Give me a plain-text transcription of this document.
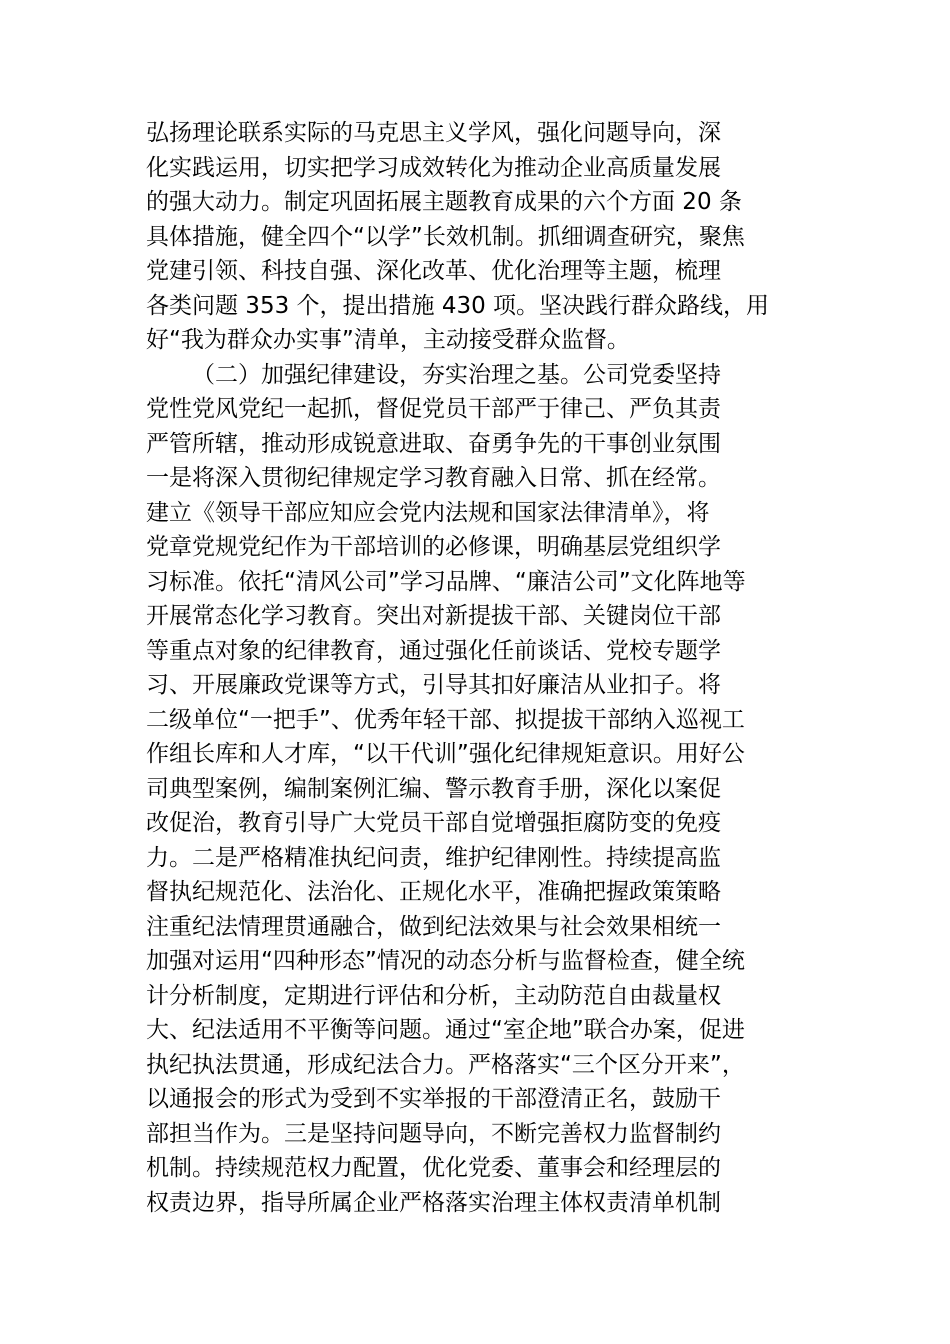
弘扬理论联系实际的马克思主义学风，强化问题导向，深
化实践运用，切实把学习成效转化为推动企业高质量发展
的强大动力。制定巩固拓展主题教育成果的六个方面 20 条
具体措施，健全四个“以学”长效机制。抓细调查研究，聚焦
党建引领、科技自强、深化改革、优化治理等主题，梳理
各类问题 353 个，提出措施 430 项。坚决践行群众路线，用
好“我为群众办实事”清单，主动接受群众监督。
（二）加强纪律建设，夯实治理之基。公司党委坚持
党性党风党纪一起抓，督促党员干部严于律己、严负其责
严管所辖，推动形成锐意进取、奋勇争先的干事创业氛围
一是将深入贯彻纪律规定学习教育融入日常、抓在经常。
建立《领导干部应知应会党内法规和国家法律清单》，将
党章党规党纪作为干部培训的必修课，明确基层党组织学
习标准。依托“清风公司”学习品牌、“廉洁公司”文化阵地等
开展常态化学习教育。突出对新提拔干部、关键岗位干部
等重点对象的纪律教育，通过强化任前谈话、党校专题学
习、开展廉政党课等方式，引导其扣好廉洁从业扣子。将
二级单位“一把手”、优秀年轻干部、拟提拔干部纳入巡视工
作组长库和人才库，“以干代训”强化纪律规矩意识。用好公
司典型案例，编制案例汇编、警示教育手册，深化以案促
改促治，教育引导广大党员干部自觉增强拒腐防变的免疫
力。二是严格精准执纪问责，维护纪律刚性。持续提高监
督执纪规范化、法治化、正规化水平，准确把握政策策略
注重纪法情理贯通融合，做到纪法效果与社会效果相统一
加强对运用“四种形态”情况的动态分析与监督检查，健全统
计分析制度，定期进行评估和分析，主动防范自由裁量权
大、纪法适用不平衡等问题。通过“室企地”联合办案，促进
执纪执法贯通，形成纪法合力。严格落实“三个区分开来”，
以通报会的形式为受到不实举报的干部澄清正名，鼓励干
部担当作为。三是坚持问题导向，不断完善权力监督制约
机制。持续规范权力配置，优化党委、董事会和经理层的
权责边界，指导所属企业严格落实治理主体权责清单机制
